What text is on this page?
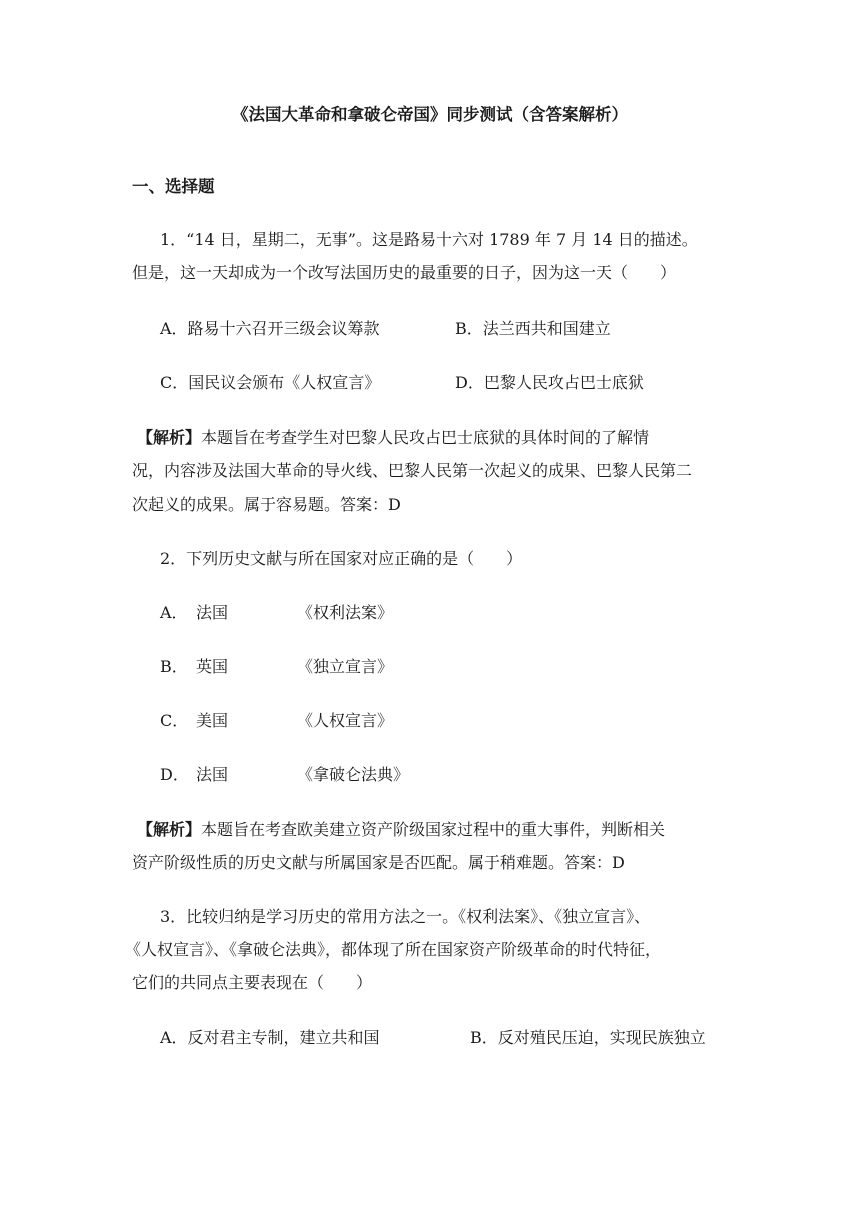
《法国大革命和拿破仑帝国》同步测试（含答案解析）
一、选择题
1．“14 日，星期二，无事”。这是路易十六对 1789 年 7 月 14 日的描述。
但是，这一天却成为一个改写法国历史的最重要的日子，因为这一天（　　）
A．路易十六召开三级会议筹款	B．法兰西共和国建立
C．国民议会颁布《人权宣言》	D．巴黎人民攻占巴士底狱
【解析】本题旨在考查学生对巴黎人民攻占巴士底狱的具体时间的了解情
况，内容涉及法国大革命的导火线、巴黎人民第一次起义的成果、巴黎人民第二
次起义的成果。属于容易题。答案：D
2．下列历史文献与所在国家对应正确的是（　　）
A． 法国	《权利法案》
B． 英国	《独立宣言》
C． 美国	《人权宣言》
D． 法国	《拿破仑法典》
【解析】本题旨在考查欧美建立资产阶级国家过程中的重大事件，判断相关
资产阶级性质的历史文献与所属国家是否匹配。属于稍难题。答案：D
3．比较归纳是学习历史的常用方法之一。《权利法案》、《独立宣言》、
《人权宣言》、《拿破仑法典》，都体现了所在国家资产阶级革命的时代特征，
它们的共同点主要表现在（　　）
A．反对君主专制，建立共和国	B．反对殖民压迫，实现民族独立
